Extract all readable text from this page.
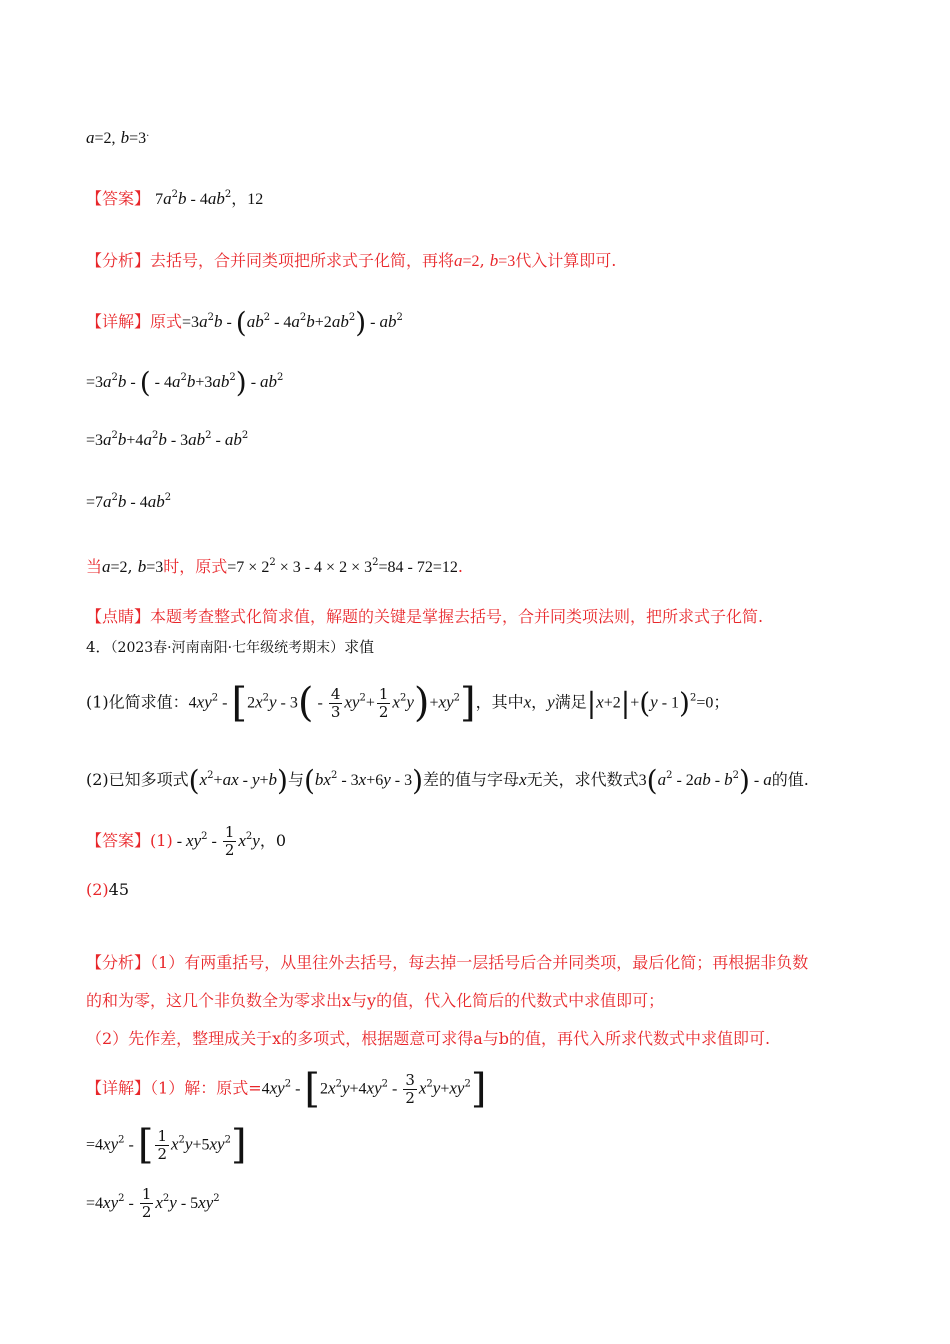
a=2, b=3.
【答案】 $7a^2b - 4ab^2$，12
【分析】去括号，合并同类项把所求式子化简，再将a=2, b=3代入计算即可.
【详解】原式$=3a^2b - (ab^2 - 4a^2b+2ab^2) - ab^2$
$=3a^2b$ - ( - $4a^2b+3ab^2) - ab^2$
$=3a^2b+4a^2b - 3ab^2 - ab^2$
$=7a^2b - 4ab^2$
当a=2, b=3时，原式$=7 \times 2^2 \times 3 - 4 \times 2 \times 3^2=84 - 72=12$.
【点睛】本题考查整式化简求值，解题的关键是掌握去括号，合并同类项法则，把所求式子化简.
4．（2023春·河南南阳·七年级统考期末）求值
(1)化简求值：$4xy^2 - [2x^2y - 3( - \frac{4}{3} xy^2+ \frac{1}{2} x^2y)+xy^2]$，其中x，y满足|x+2|+(y - 1)$^2$=0；
(2)已知多项式$(x^2+ax - y+b)$与$(bx^2 - 3x+6y - 3)$差的值与字母x无关，求代数式$3(a^2 - 2ab - b^2)$ - a的值.
【答案】$(1) - xy^2 - \frac{1}{2} x^2y$，0
(2)45
【分析】（1）有两重括号，从里往外去括号，每去掉一层括号后合并同类项，最后化简；再根据非负数
的和为零，这几个非负数全为零求出x与y的值，代入化简后的代数式中求值即可；
（2）先作差，整理成关于x的多项式，根据题意可求得a与b的值，再代入所求代数式中求值即可.
【详解】（1）解：原式$=4xy^2 - [2x^2y+4xy^2 - \frac{3}{2} x^2y+xy^2]$
$=4xy^2$ - [ $\frac{1}{2} x^2y+5xy^2$]
$=4xy^2 - \frac{1}{2} x^2y - 5xy^2$
